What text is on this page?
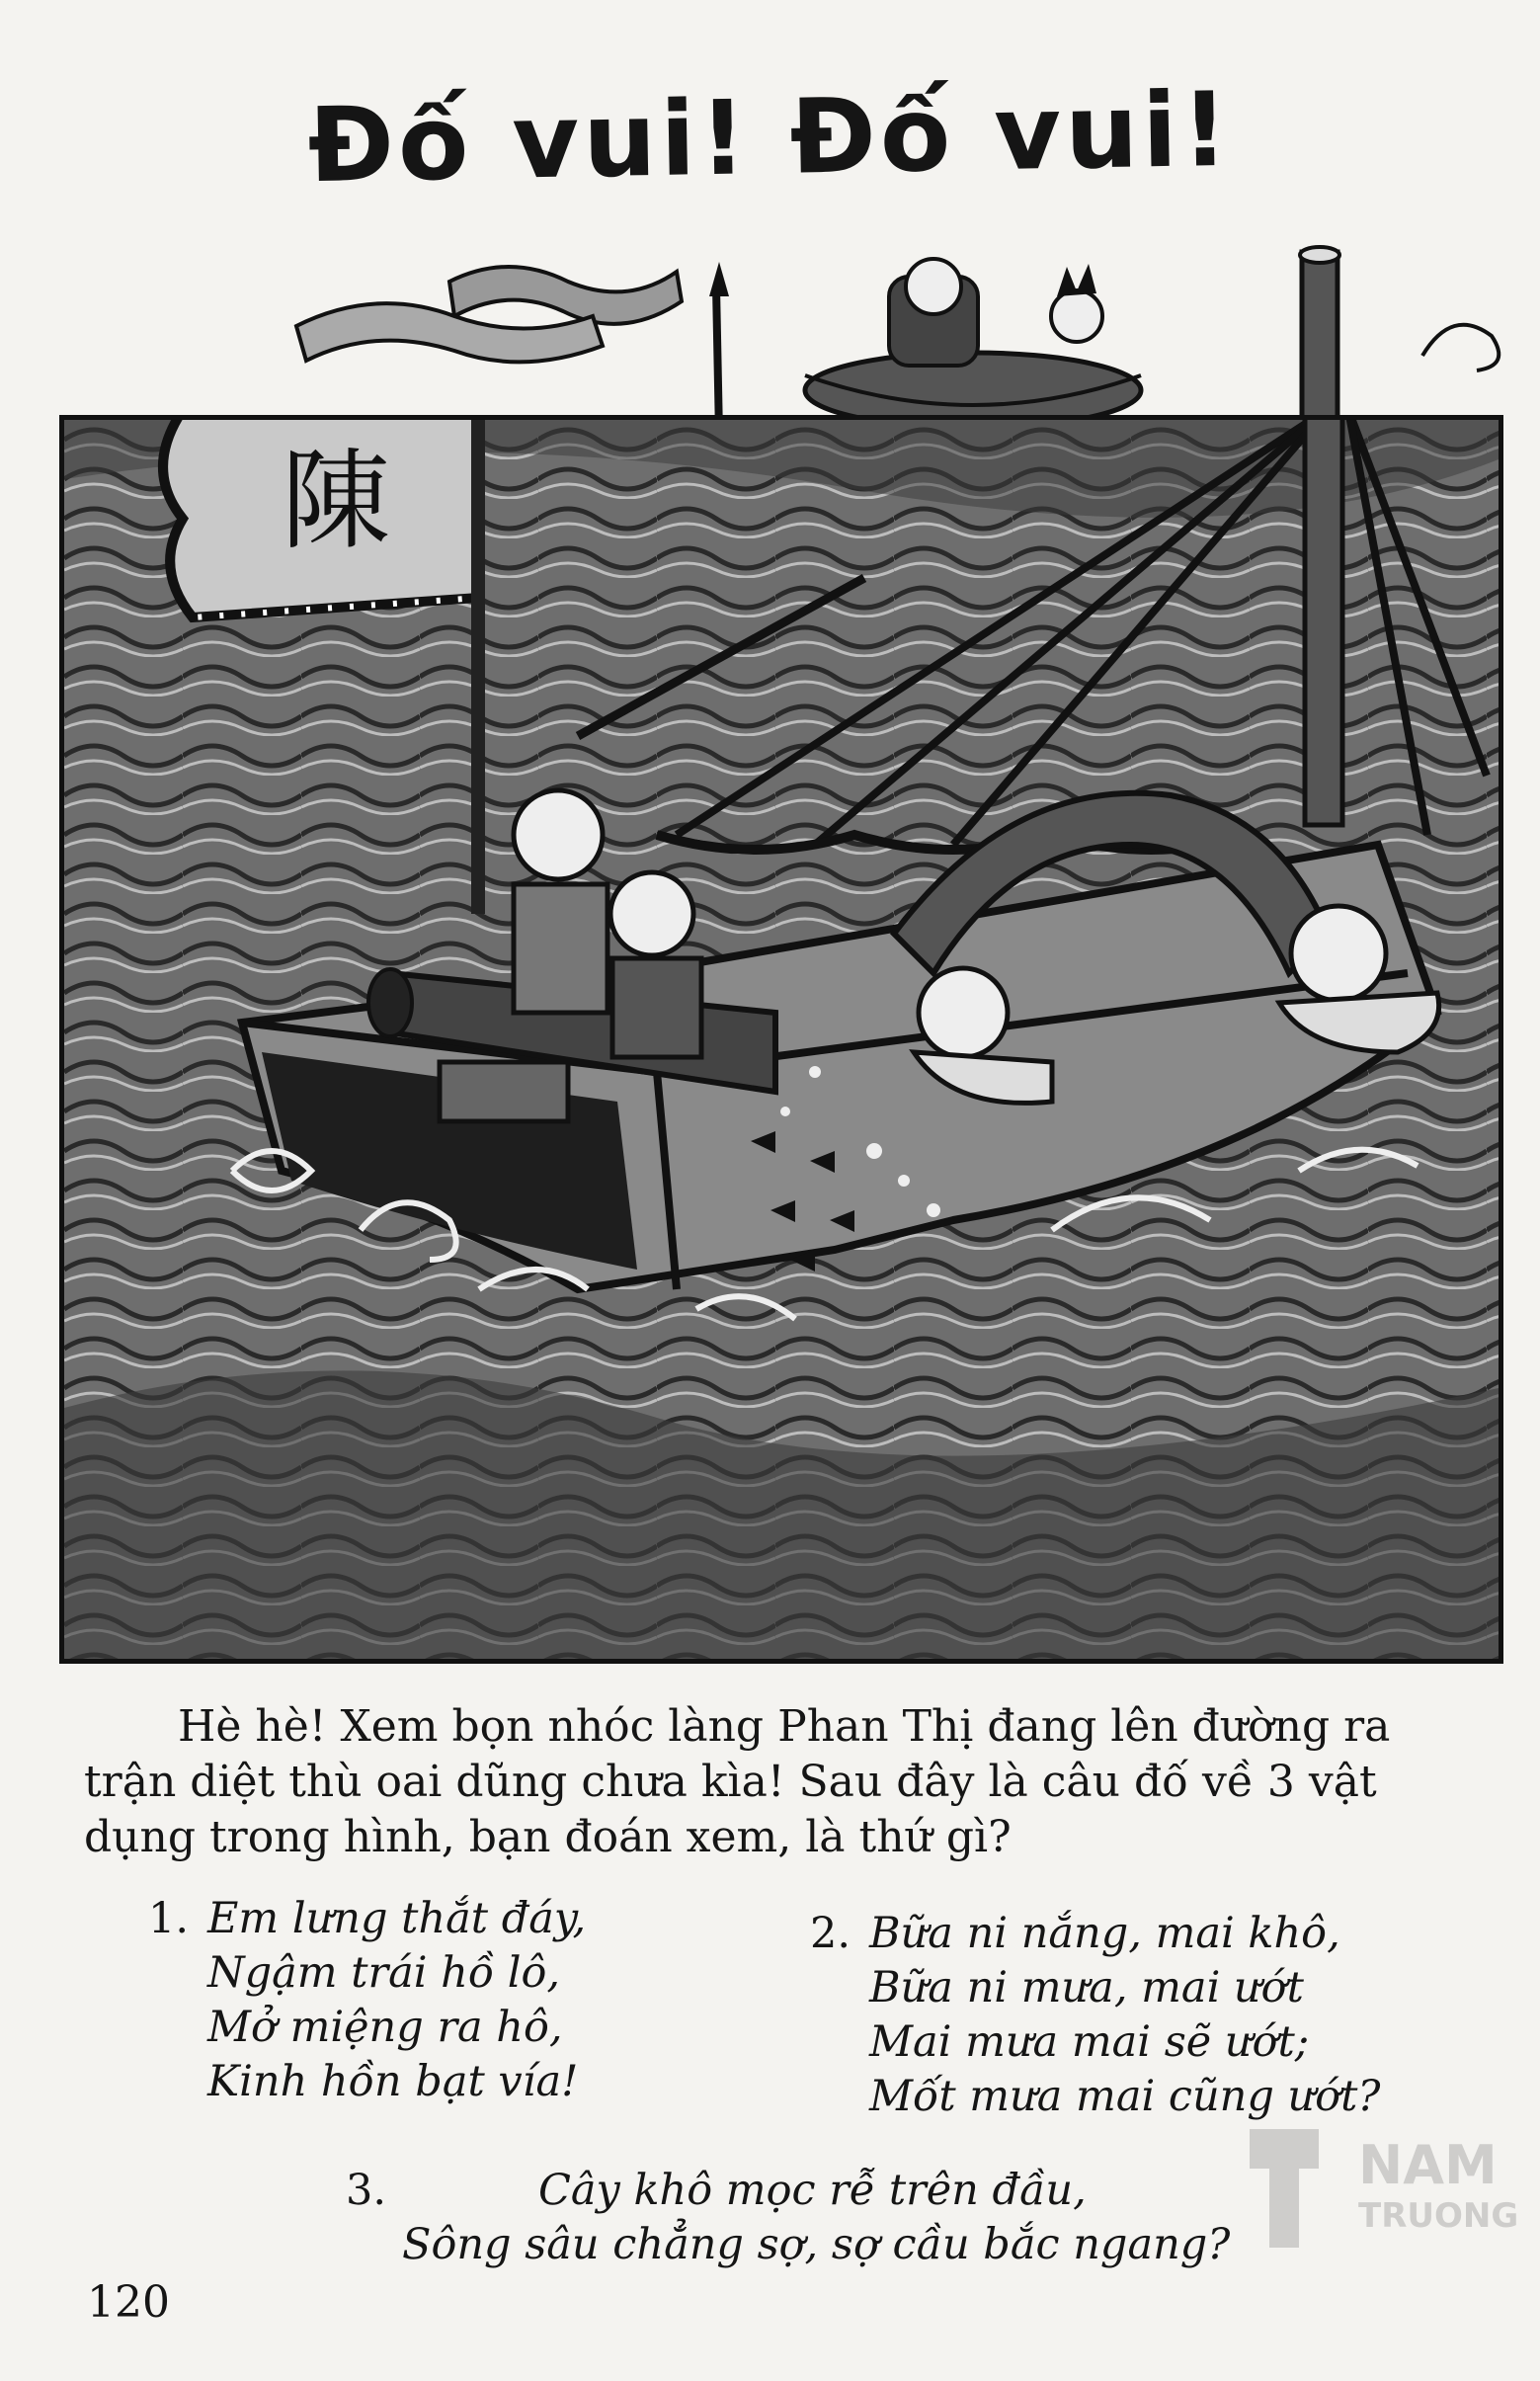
Đố vui! Đố vui!
陳
Hè hè! Xem bọn nhóc làng Phan Thị đang lên đường ra trận diệt thù oai dũng chưa kìa! Sau đây là câu đố về 3 vật dụng trong hình, bạn đoán xem, là thứ gì?
1. Em lưng thắt đáy,
Ngậm trái hồ lô,
Mở miệng ra hô,
Kinh hồn bạt vía!
2. Bữa ni nắng, mai khô,
Bữa ni mưa, mai ướt
Mai mưa mai sẽ ướt;
Mốt mưa mai cũng ướt?
3.	Cây khô mọc rễ trên đầu,
Sông sâu chẳng sợ, sợ cầu bắc ngang?
120
NAM
TRUONG
